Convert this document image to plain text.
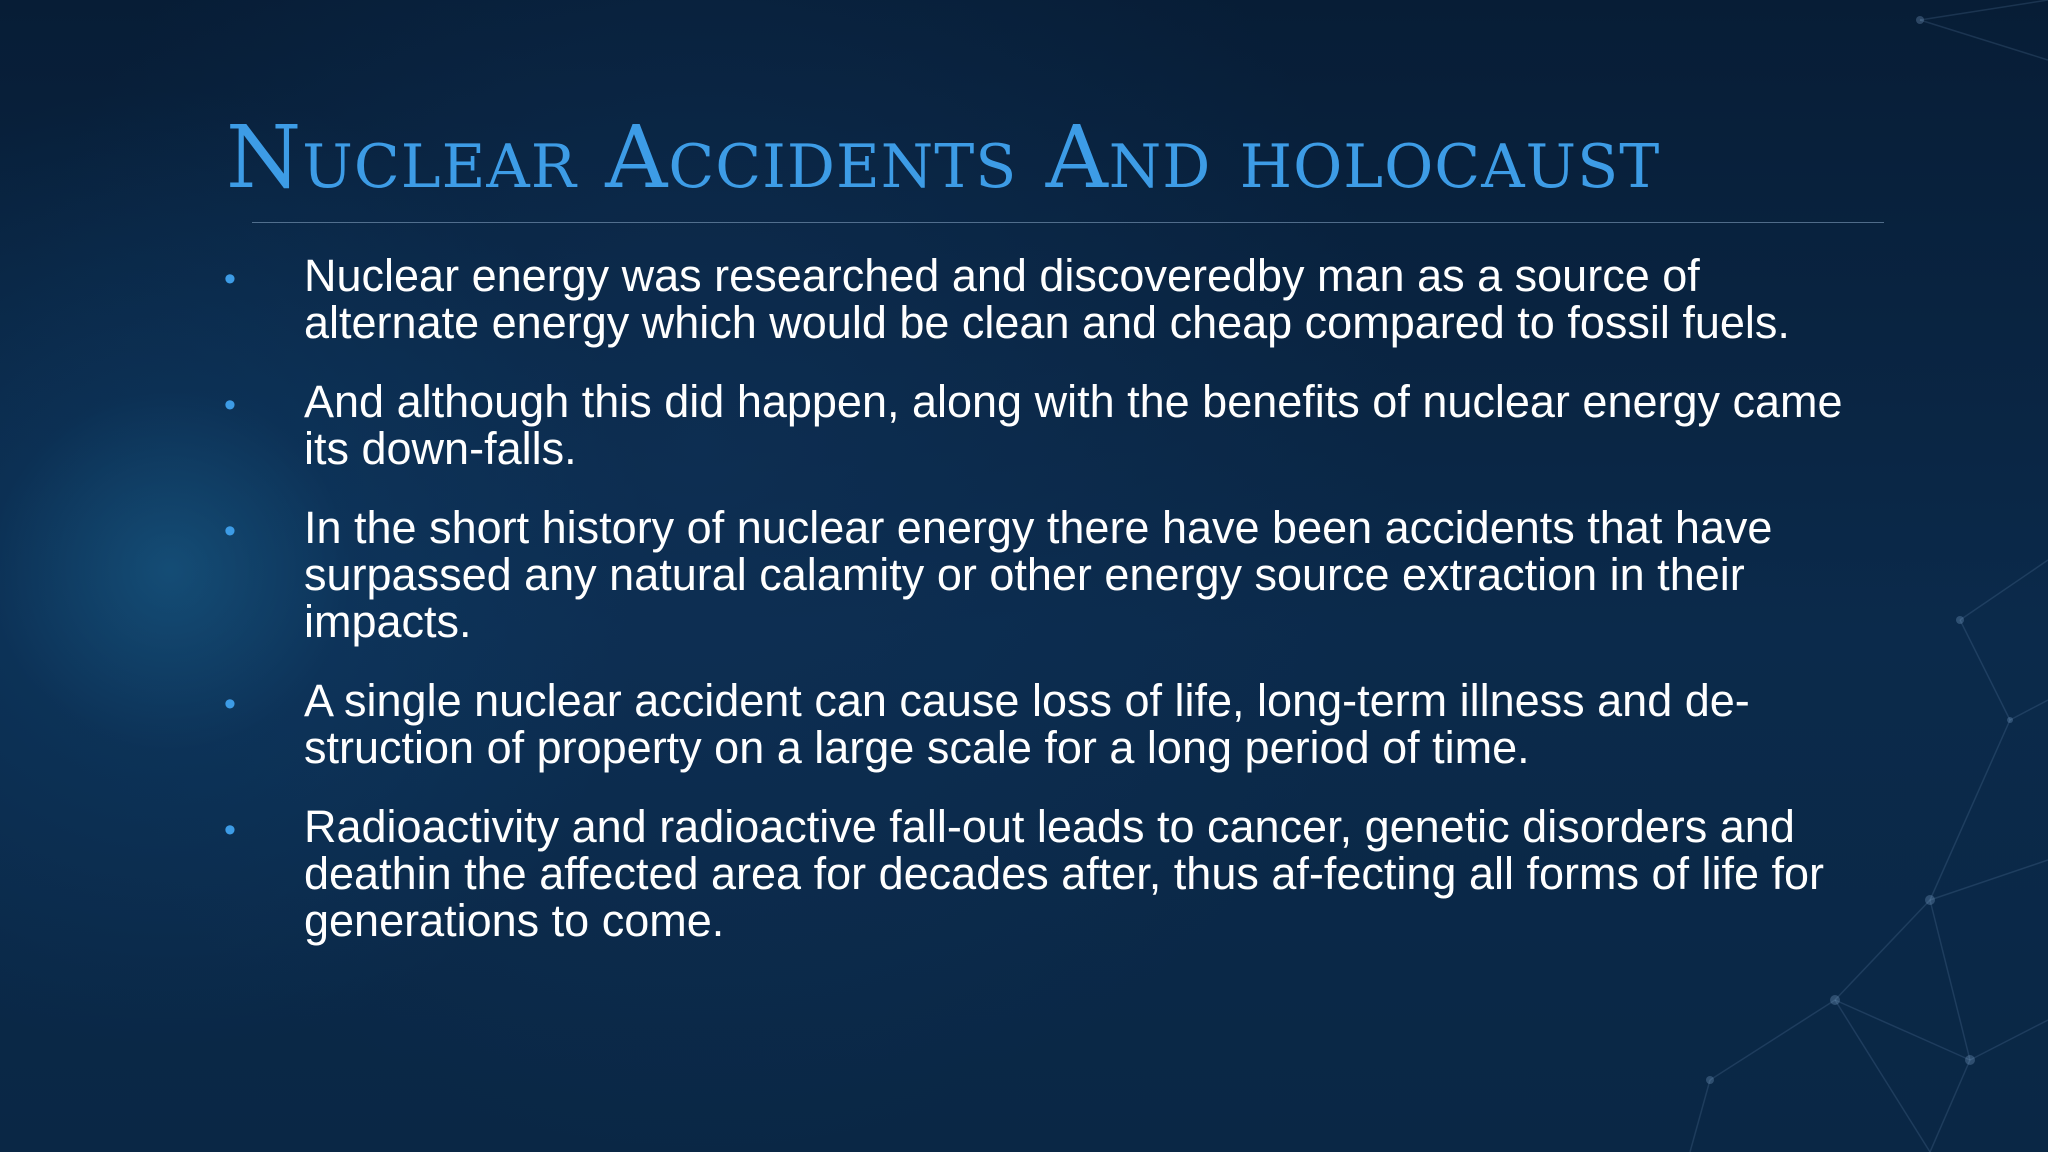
Nuclear Accidents And holocaust
• Nuclear energy was researched and discoveredby man as a source of alternate energy which would be clean and cheap compared to fossil fuels.
• And although this did happen, along with the benefits of nuclear energy came its down-falls.
• In the short history of nuclear energy there have been accidents that have surpassed any natural calamity or other energy source extraction in their impacts.
• A single nuclear accident can cause loss of life, long-term illness and de-struction of property on a large scale for a long period of time.
• Radioactivity and radioactive fall-out leads to cancer, genetic disorders and deathin the affected area for decades after, thus af-fecting all forms of life for generations to come.
